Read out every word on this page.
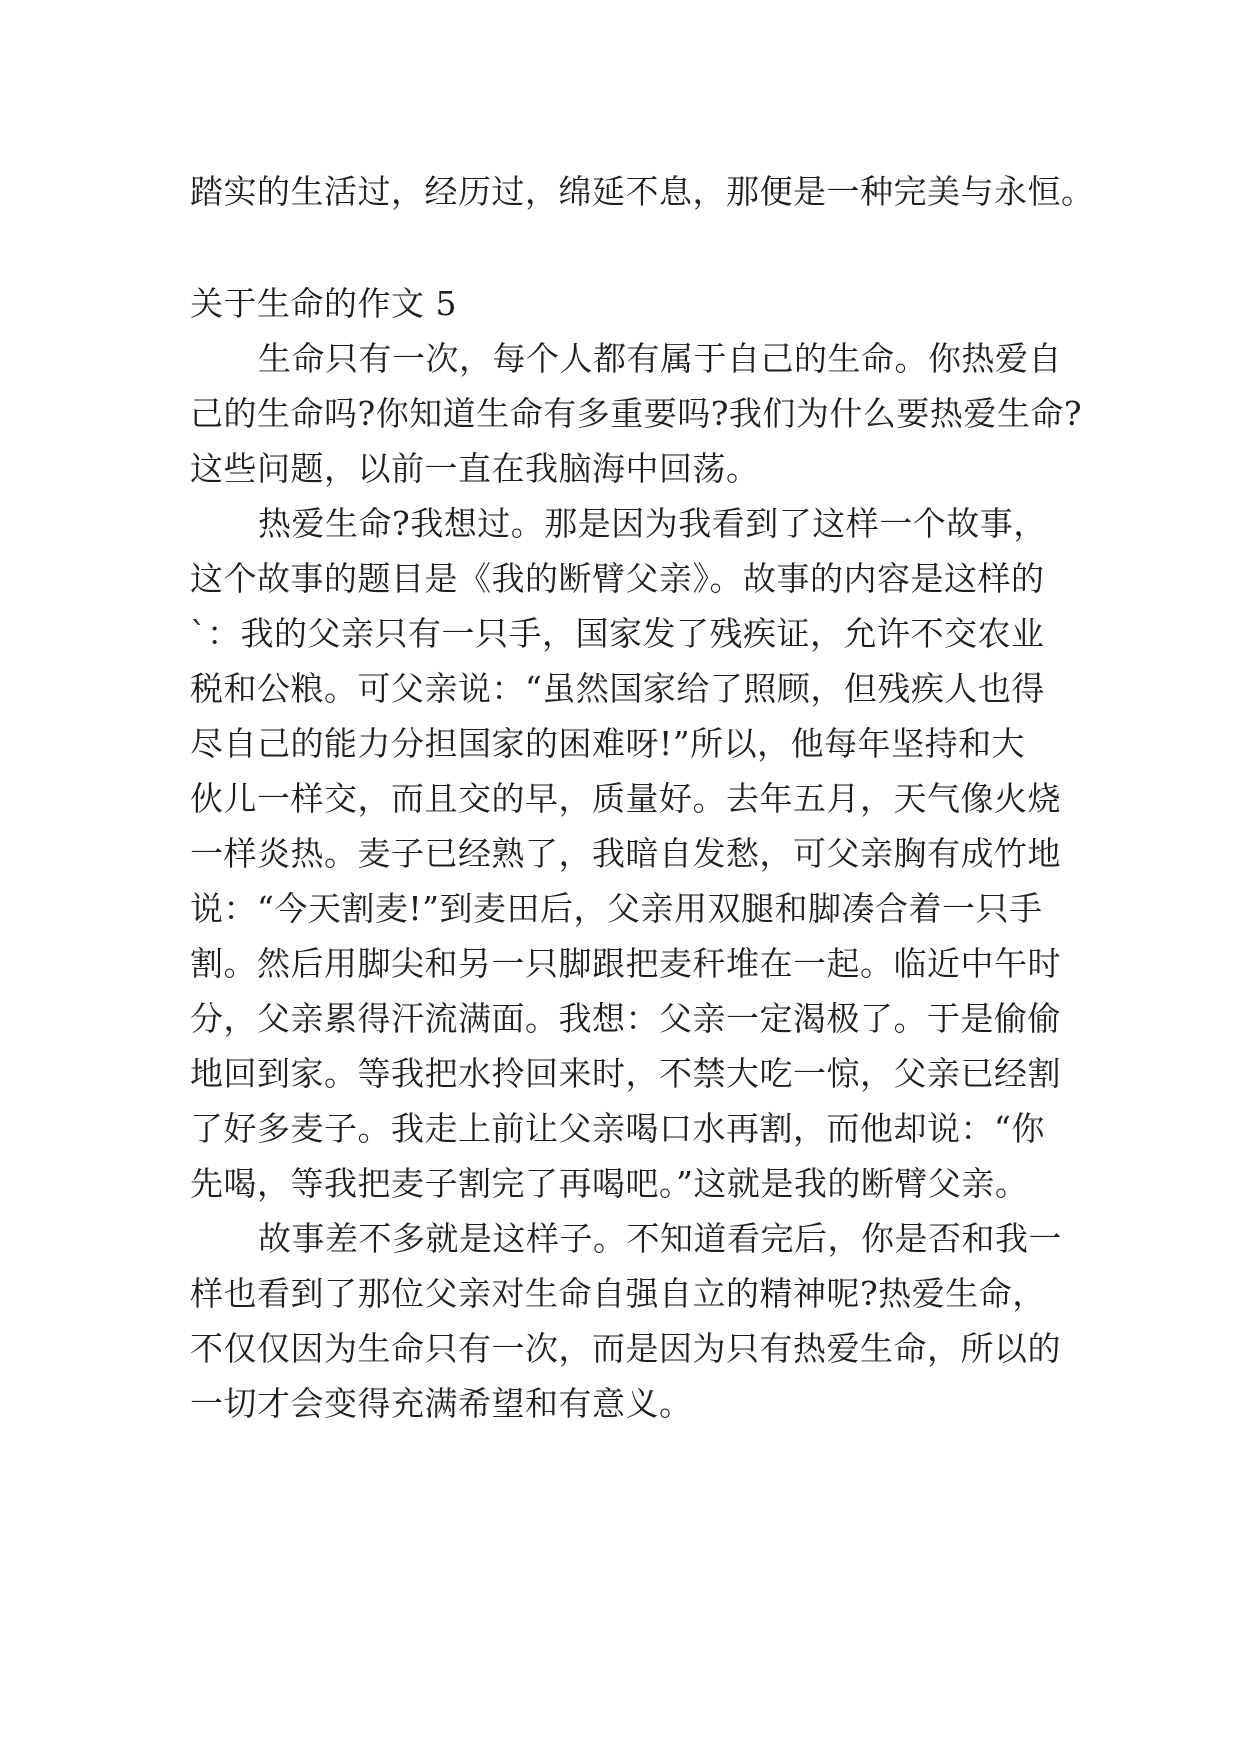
踏实的生活过，经历过，绵延不息，那便是一种完美与永恒。
关于生命的作文 5
生命只有一次，每个人都有属于自己的生命。你热爱自
己的生命吗?你知道生命有多重要吗?我们为什么要热爱生命?
这些问题，以前一直在我脑海中回荡。
热爱生命?我想过。那是因为我看到了这样一个故事，
这个故事的题目是《我的断臂父亲》。故事的内容是这样的
`：我的父亲只有一只手，国家发了残疾证，允许不交农业
税和公粮。可父亲说：“虽然国家给了照顾，但残疾人也得
尽自己的能力分担国家的困难呀!”所以，他每年坚持和大
伙儿一样交，而且交的早，质量好。去年五月，天气像火烧
一样炎热。麦子已经熟了，我暗自发愁，可父亲胸有成竹地
说：“今天割麦!”到麦田后，父亲用双腿和脚凑合着一只手
割。然后用脚尖和另一只脚跟把麦秆堆在一起。临近中午时
分，父亲累得汗流满面。我想：父亲一定渴极了。于是偷偷
地回到家。等我把水拎回来时，不禁大吃一惊，父亲已经割
了好多麦子。我走上前让父亲喝口水再割，而他却说：“你
先喝，等我把麦子割完了再喝吧。”这就是我的断臂父亲。
故事差不多就是这样子。不知道看完后，你是否和我一
样也看到了那位父亲对生命自强自立的精神呢?热爱生命，
不仅仅因为生命只有一次，而是因为只有热爱生命，所以的
一切才会变得充满希望和有意义。
